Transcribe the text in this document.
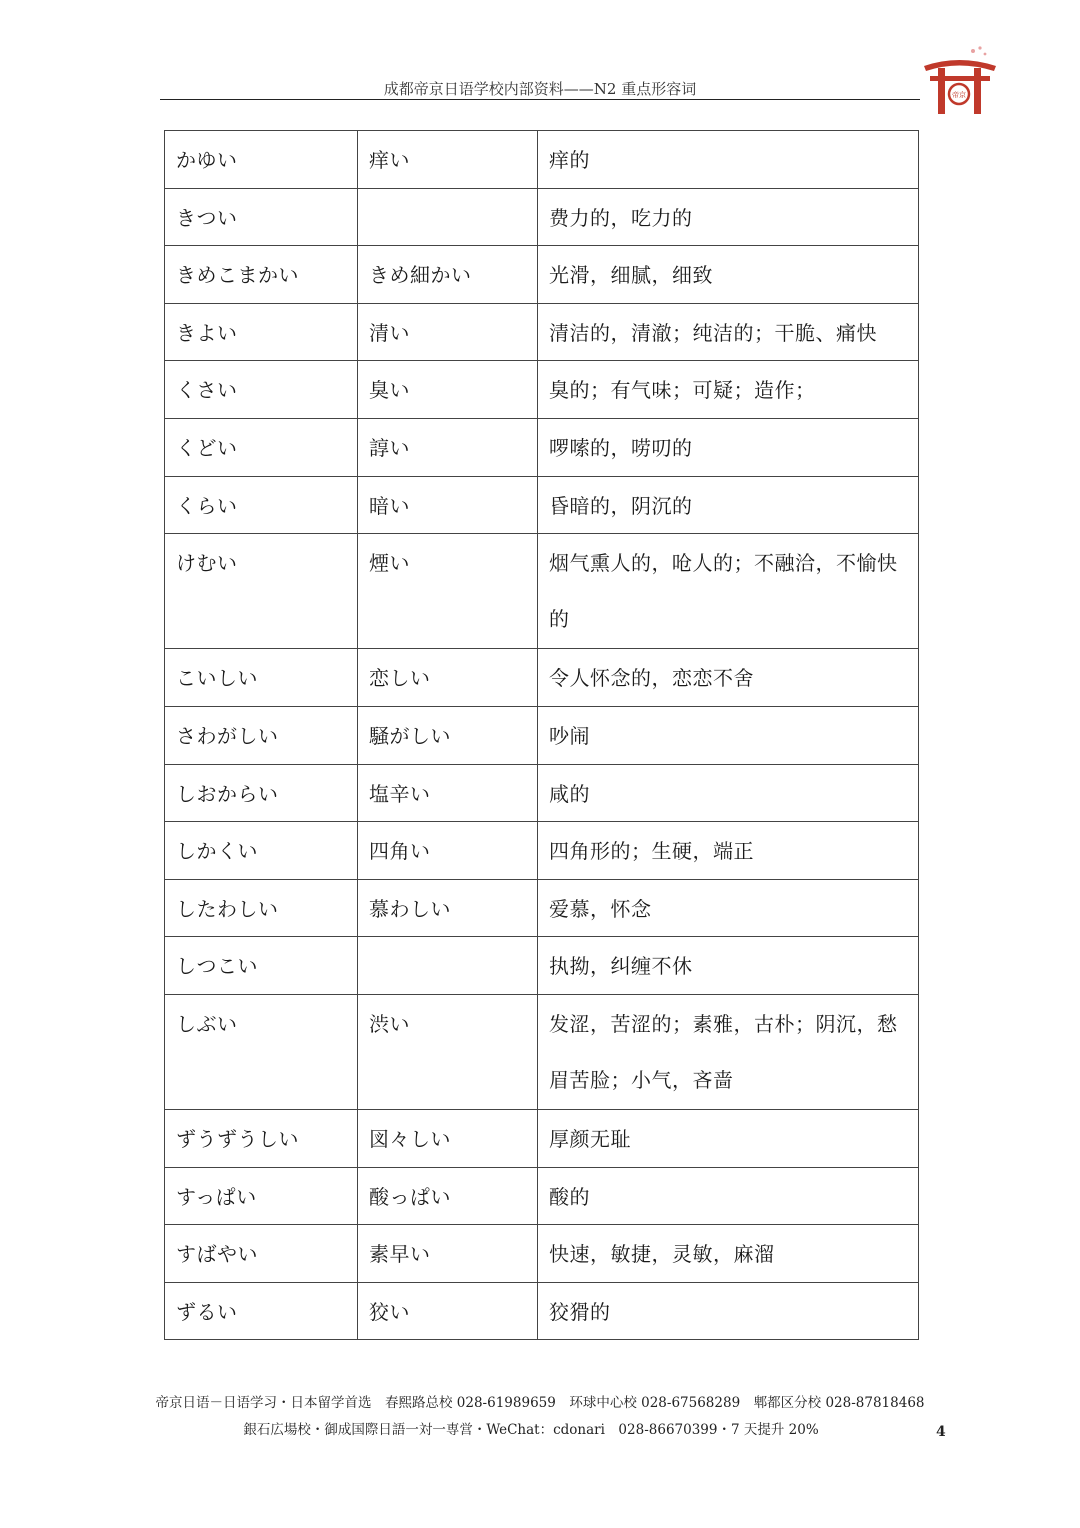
成都帝京日语学校内部资料——N2 重点形容词	帝京
かゆい	痒い	痒的
きつい		费力的，吃力的
きめこまかい	きめ細かい	光滑，细腻，细致
きよい	清い	清洁的，清澈；纯洁的；干脆、痛快
くさい	臭い	臭的；有气味；可疑；造作；
くどい	諄い	啰嗦的，唠叨的
くらい	暗い	昏暗的，阴沉的
けむい	煙い	烟气熏人的，呛人的；不融洽，不愉快的
こいしい	恋しい	令人怀念的，恋恋不舍
さわがしい	騒がしい	吵闹
しおからい	塩辛い	咸的
しかくい	四角い	四角形的；生硬，端正
したわしい	慕わしい	爱慕，怀念
しつこい		执拗，纠缠不休
しぶい	渋い	发涩，苦涩的；素雅，古朴；阴沉，愁眉苦脸；小气，吝啬
ずうずうしい	図々しい	厚颜无耻
すっぱい	酸っぱい	酸的
すばやい	素早い	快速，敏捷，灵敏，麻溜
ずるい	狡い	狡猾的
帝京日语－日语学习・日本留学首选　春熙路总校 028-61989659　环球中心校 028-67568289　郫都区分校 028-87818468
銀石広場校・御成国際日語一対一専営・WeChat：cdonari　028-86670399・7 天提升 20%	4
